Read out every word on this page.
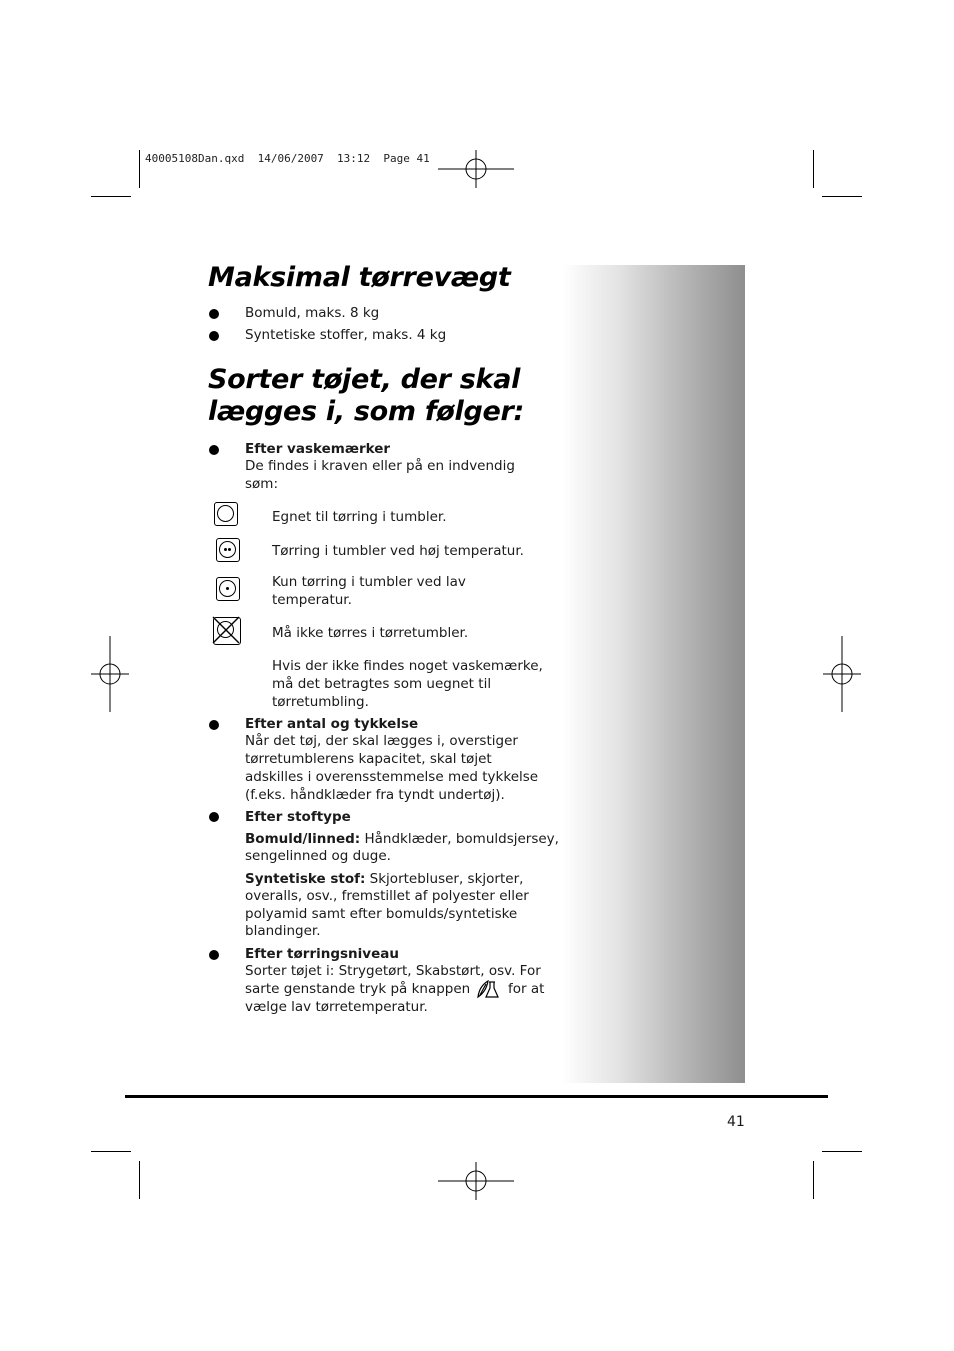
40005108Dan.qxd  14/06/2007  13:12  Page 41
Maksimal tørrevægt
Bomuld, maks. 8 kg
Syntetiske stoffer, maks. 4 kg
Sorter tøjet, der skal
lægges i, som følger:
Efter vaskemærker
De findes i kraven eller på en indvendig
søm:
Egnet til tørring i tumbler.
Tørring i tumbler ved høj temperatur.
Kun tørring i tumbler ved lav
temperatur.
Må ikke tørres i tørretumbler.
Hvis der ikke findes noget vaskemærke,
må det betragtes som uegnet til
tørretumbling.
Efter antal og tykkelse
Når det tøj, der skal lægges i, overstiger
tørretumblerens kapacitet, skal tøjet
adskilles i overensstemmelse med tykkelse
(f.eks. håndklæder fra tyndt undertøj).
Efter stoftype
Bomuld/linned: Håndklæder, bomuldsjersey,
sengelinned og duge.
Syntetiske stof: Skjortebluser, skjorter,
overalls, osv., fremstillet af polyester eller
polyamid samt efter bomulds/syntetiske
blandinger.
Efter tørringsniveau
Sorter tøjet i: Strygetørt, Skabstørt, osv. For
sarte genstande tryk på knappen	for at
vælge lav tørretemperatur.
41
